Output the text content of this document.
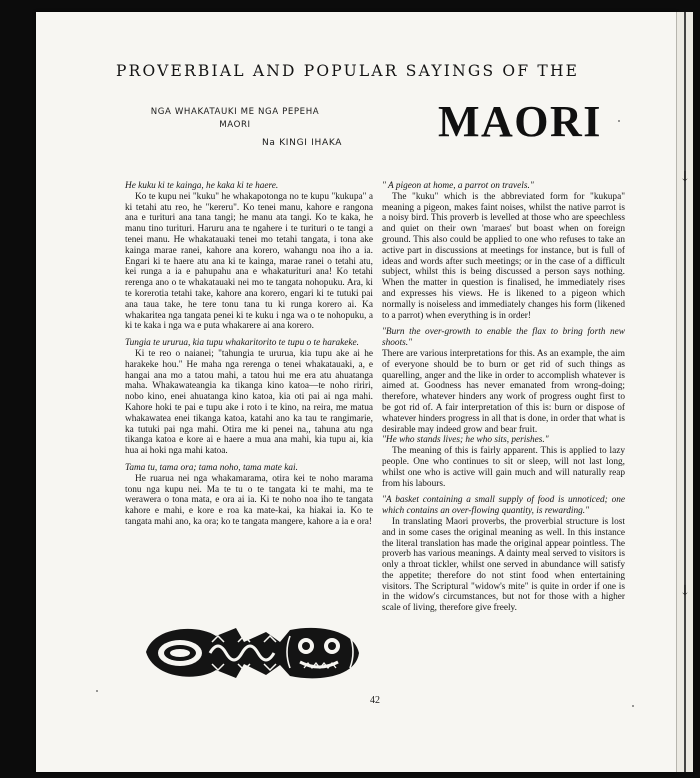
↓
↓
PROVERBIAL AND POPULAR SAYINGS OF THE
NGA WHAKATAUKI ME NGA PEPEHA
MAORI
Na KINGI IHAKA MAORI

He kuku ki te kainga, he kaka ki te haere.

Ko te kupu nei "kuku" he whakapotonga no te kupu "kukupa" a ki tetahi atu reo, he "kereru". Ko tenei manu, kahore e rangona ana e turituri ana tana tangi; he manu ata tangi. Ko te kaka, he manu tino turituri. Haruru ana te ngahere i te turituri o te tangi a tenei manu. He whakatauaki tenei mo tetahi tangata, i tona ake kainga marae ranei, kahore ana korero, wahangu noa iho a ia. Engari ki te haere atu ana ki te kainga, marae ranei o tetahi atu, kei runga a ia e pahupahu ana e whakaturituri ana! Ko tetahi rerenga ano o te whakatauaki nei mo te tangata nohopuku. Ara, ki te korerotia tetahi take, kahore ana korero, engari ki te tutuki pai ana taua take, he tere tonu tana tu ki runga korero ai. Ka whakaritea nga tangata penei ki te kuku i nga wa o te nohopuku, a ki te kaka i nga wa e puta whakarere ai ana korero.

Tungia te ururua, kia tupu whakaritorito te tupu o te harakeke.

Ki te reo o naianei; "tahungia te ururua, kia tupu ake ai he harakeke hou." He maha nga rerenga o tenei whakatauaki, a, e hangai ana mo a tatou mahi, a tatou hui me era atu ahuatanga maha. Whakawateangia ka tikanga kino katoa—te noho ririri, nobo kino, enei ahuatanga kino katoa, kia oti pai ai nga mahi. Kahore hoki te pai e tupu ake i roto i te kino, na reira, me matua whakawatea enei tikanga katoa, katahi ano ka tau te rangimarie, ka tutuki pai nga mahi. Otira me ki penei na,, tahuna atu nga tikanga katoa e kore ai e haere a mua ana mahi, kia tupu ai, kia hua ai hoki nga mahi katoa.

Tama tu, tama ora; tama noho, tama mate kai.

He ruarua nei nga whakamarama, otira kei te noho marama tonu nga kupu nei. Ma te tu o te tangata ki te mahi, ma te werawera o tona mata, e ora ai ia. Ki te noho noa iho te tangata kahore e mahi, e kore e roa ka mate-kai, ka hiakai ia. Ko te tangata mahi ano, ka ora; ko te tangata mangere, kahore a ia e ora!

" A pigeon at home, a parrot on travels."

The "kuku" which is the abbreviated form for "kukupa" meaning a pigeon, makes faint noises, whilst the native parrot is a noisy bird. This proverb is levelled at those who are speechless and quiet on their own 'maraes' but boast when on foreign ground. This also could be applied to one who refuses to take an active part in discussions at meetings for instance, but is full of ideas and words after such meetings; or in the case of a difficult subject, whilst this is being discussed a person says nothing. When the matter in question is finalised, he immediately rises and expresses his views. He is likened to a pigeon which normally is noiseless and immediately changes his form (likened to a parrot) when everything is in order!

"Burn the over-growth to enable the flax to bring forth new shoots."

There are various interpretations for this. As an example, the aim of everyone should be to burn or get rid of such things as quarelling, anger and the like in order to accomplish whatever is aimed at. Goodness has never emanated from wrong-doing; therefore, whatever hinders any work of progress ought first to be got rid of. A fair interpretation of this is: burn or dispose of whatever hinders progress in all that is done, in order that what is desirable may indeed grow and bear fruit.

"He who stands lives; he who sits, perishes."

The meaning of this is fairly apparent. This is applied to lazy people. One who continues to sit or sleep, will not last long, whilst one who is active will gain much and will naturally reap from his labours.

"A basket containing a small supply of food is unnoticed; one which contains an over-flowing quantity, is rewarding."

In translating Maori proverbs, the proverbial structure is lost and in some cases the original meaning as well. In this instance the literal translation has made the original appear pointless. The proverb has various meanings. A dainty meal served to visitors is only a throat tickler, whilst one served in abundance will satisfy the appetite; therefore do not stint food when entertaining visitors. The Scriptural "widow's mite" is quite in order if one is in the widow's circumstances, but not for those with a higher scale of living, therefore give freely.

42
